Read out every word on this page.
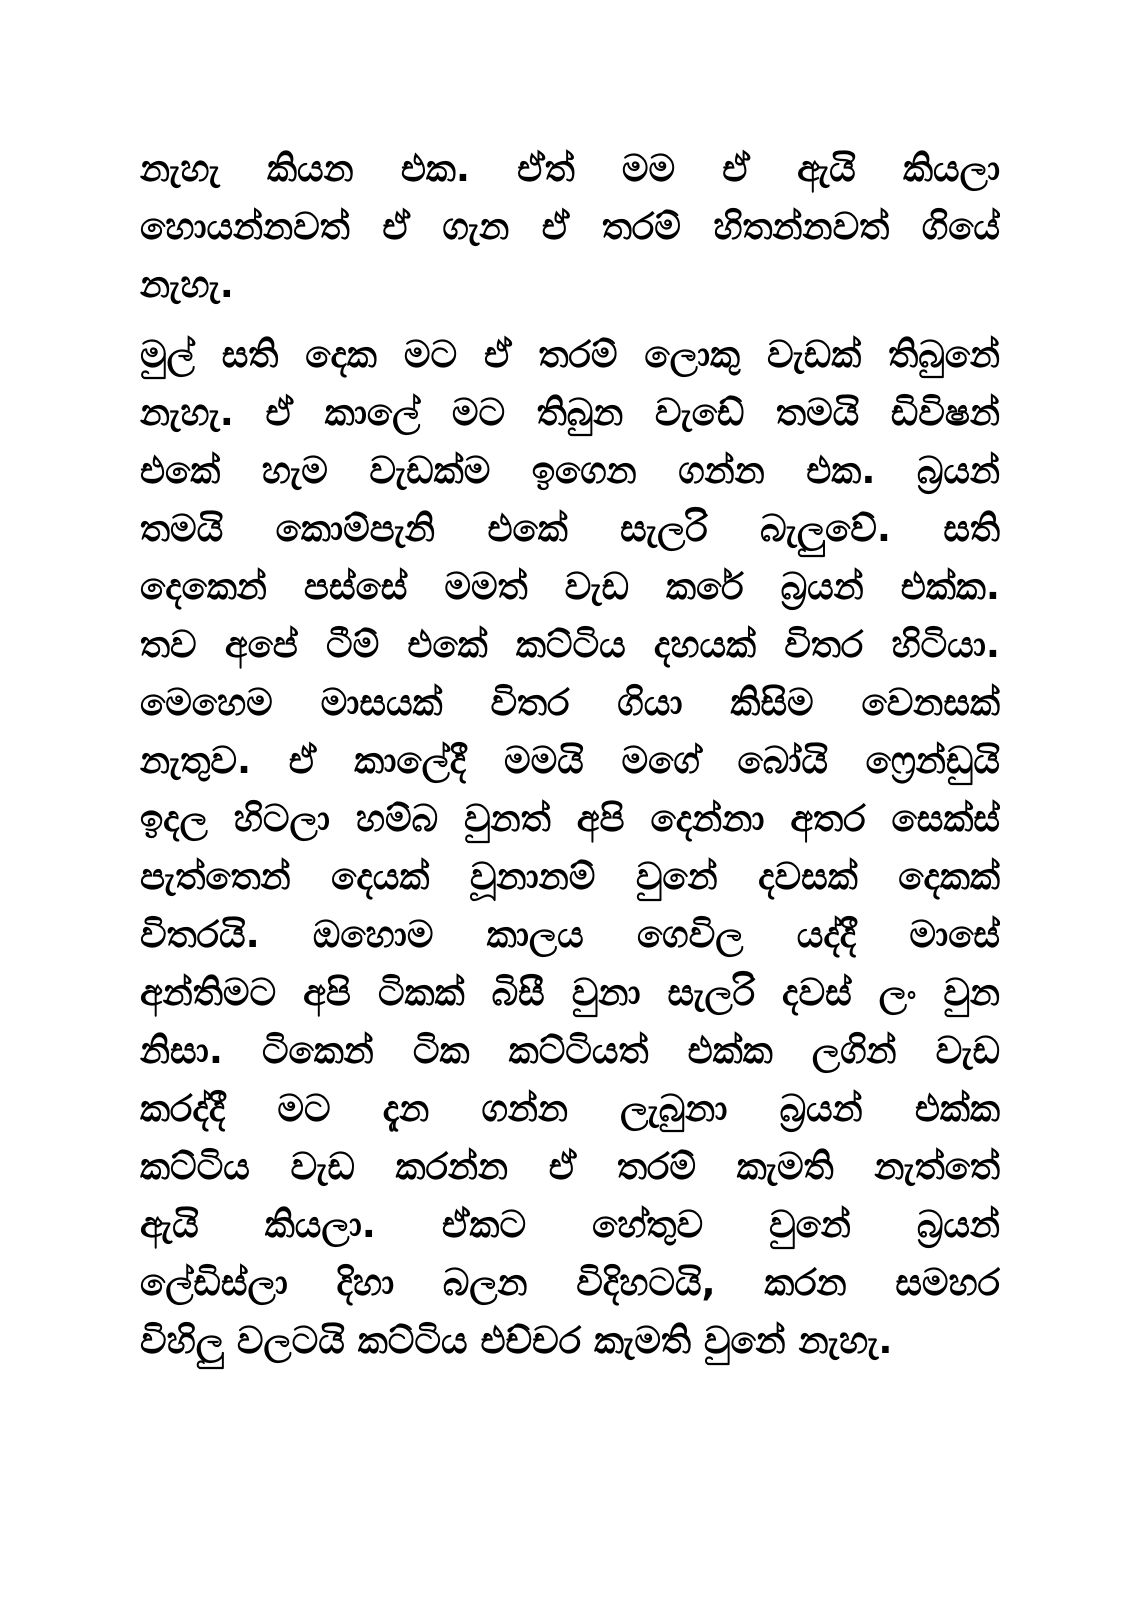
නැහැ කියන එක. ඒත් මම ඒ ඇයි කියලා
හොයන්නවත් ඒ ගැන ඒ තරම් හිතන්නවත් ගියේ
නැහැ.
මුල් සති දෙක මට ඒ තරම් ලොකු වැඩක් තිබුනේ
නැහැ. ඒ කාලේ මට තිබුන වැඩේ තමයි ඩිවිෂන්
එකේ හැම වැඩක්ම ඉගෙන ගන්න එක. බ්‍රයන්
තමයි කොම්පැනි එකේ සැලරි බැලුවේ. සති
දෙකෙන් පස්සේ මමත් වැඩ කරේ බ්‍රයන් එක්ක.
තව අපේ ටීම් එකේ කට්ටිය දහයක් විතර හිටියා.
මෙහෙම මාසයක් විතර ගියා කිසිම වෙනසක්
නැතුව. ඒ කාලේදී මමයි මගේ බෝයි ෆ්‍රෙන්ඩුයි
ඉදල හිටලා හම්බ වුනත් අපි දෙන්නා අතර සෙක්ස්
පැත්තෙන් දෙයක් වූනානම් වුනේ දවසක් දෙකක්
විතරයි. ඔහොම කාලය ගෙවිල යද්දී මාසේ
අන්තිමට අපි ටිකක් බිසී වුනා සැලරි දවස් ලං වුන
නිසා. ටිකෙන් ටික කට්ටියත් එක්ක ලගින් වැඩ
කරද්දී මට දැන ගන්න ලැබුනා බ්‍රයන් එක්ක
කට්ටිය වැඩ කරන්න ඒ තරම් කැමති නැත්තේ
ඇයි කියලා. ඒකට හේතුව වුනේ බ්‍රයන්
ලේඩිස්ලා දිහා බලන විදිහටයි, කරන සමහර
විහිලු වලටයි කට්ටිය එච්චර කැමති වුනේ නැහැ.
